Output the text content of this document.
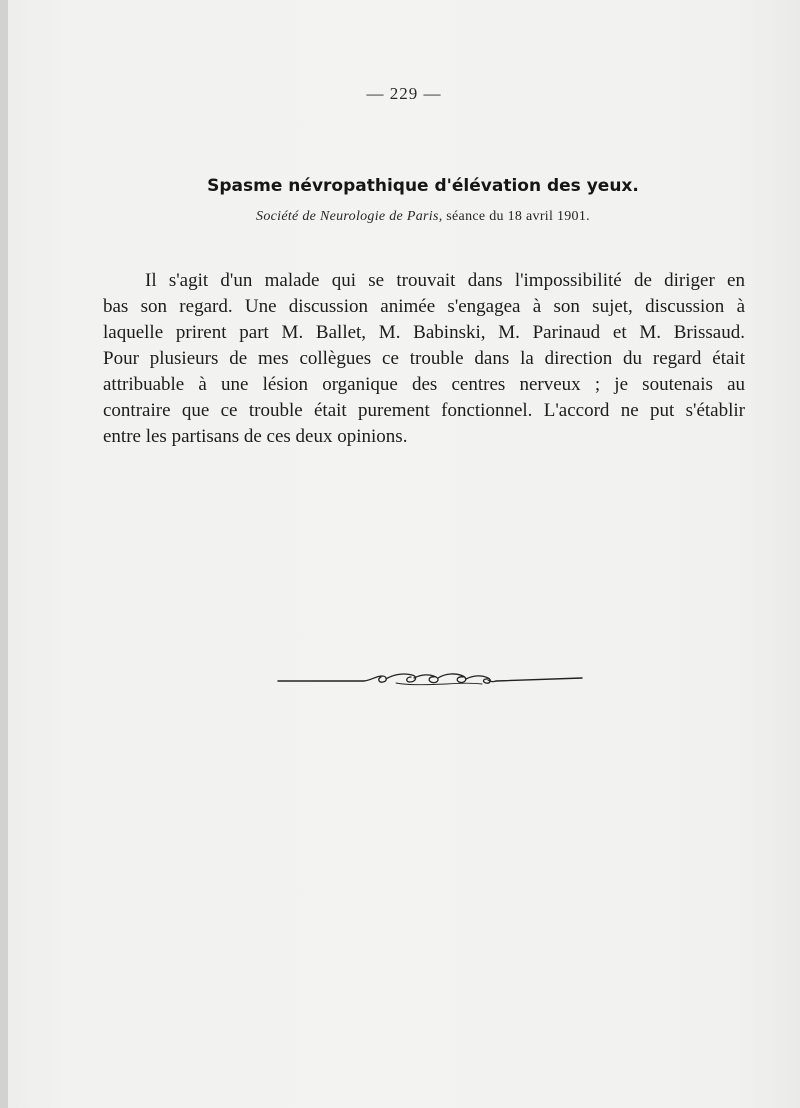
— 229 —
Spasme névropathique d'élévation des yeux.
Société de Neurologie de Paris, séance du 18 avril 1901.
Il s'agit d'un malade qui se trouvait dans l'impossibilité de diriger en
bas son regard. Une discussion animée s'engagea à son sujet, discussion à
laquelle prirent part M. Ballet, M. Babinski, M. Parinaud et M. Brissaud.
Pour plusieurs de mes collègues ce trouble dans la direction du regard était
attribuable à une lésion organique des centres nerveux ; je soutenais au
contraire que ce trouble était purement fonctionnel. L'accord ne put s'établir
entre les partisans de ces deux opinions.
